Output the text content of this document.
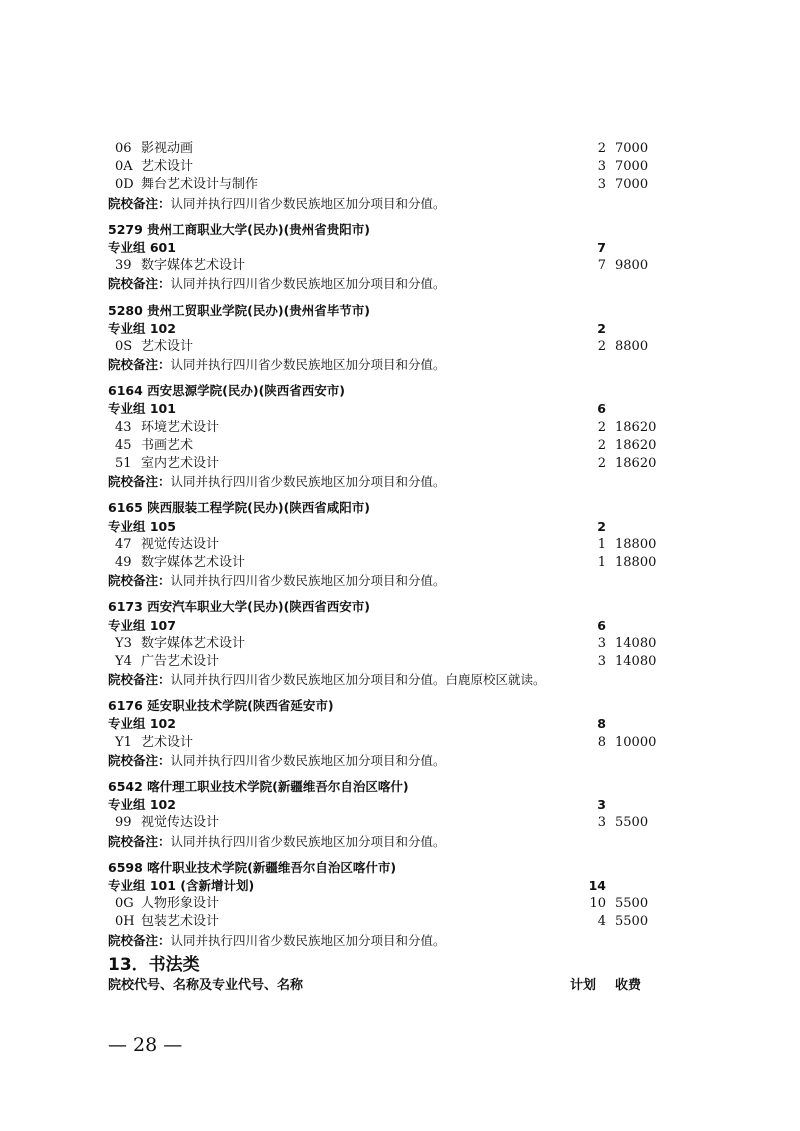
06 影视动画	2 7000
0A 艺术设计	3 7000
0D 舞台艺术设计与制作	3 7000
院校备注：认同并执行四川省少数民族地区加分项目和分值。
5279 贵州工商职业大学(民办)(贵州省贵阳市)
专业组 601	7
39 数字媒体艺术设计	7 9800
院校备注：认同并执行四川省少数民族地区加分项目和分值。
5280 贵州工贸职业学院(民办)(贵州省毕节市)
专业组 102	2
0S 艺术设计	2 8800
院校备注：认同并执行四川省少数民族地区加分项目和分值。
6164 西安思源学院(民办)(陕西省西安市)
专业组 101	6
43 环境艺术设计	2 18620
45 书画艺术	2 18620
51 室内艺术设计	2 18620
院校备注：认同并执行四川省少数民族地区加分项目和分值。
6165 陕西服装工程学院(民办)(陕西省咸阳市)
专业组 105	2
47 视觉传达设计	1 18800
49 数字媒体艺术设计	1 18800
院校备注：认同并执行四川省少数民族地区加分项目和分值。
6173 西安汽车职业大学(民办)(陕西省西安市)
专业组 107	6
Y3 数字媒体艺术设计	3 14080
Y4 广告艺术设计	3 14080
院校备注：认同并执行四川省少数民族地区加分项目和分值。白鹿原校区就读。
6176 延安职业技术学院(陕西省延安市)
专业组 102	8
Y1 艺术设计	8 10000
院校备注：认同并执行四川省少数民族地区加分项目和分值。
6542 喀什理工职业技术学院(新疆维吾尔自治区喀什)
专业组 102	3
99 视觉传达设计	3 5500
院校备注：认同并执行四川省少数民族地区加分项目和分值。
6598 喀什职业技术学院(新疆维吾尔自治区喀什市)
专业组 101 (含新增计划)	14
0G 人物形象设计	10 5500
0H 包装艺术设计	4 5500
院校备注：认同并执行四川省少数民族地区加分项目和分值。
13．书法类
院校代号、名称及专业代号、名称	计划 收费
— 28 —
